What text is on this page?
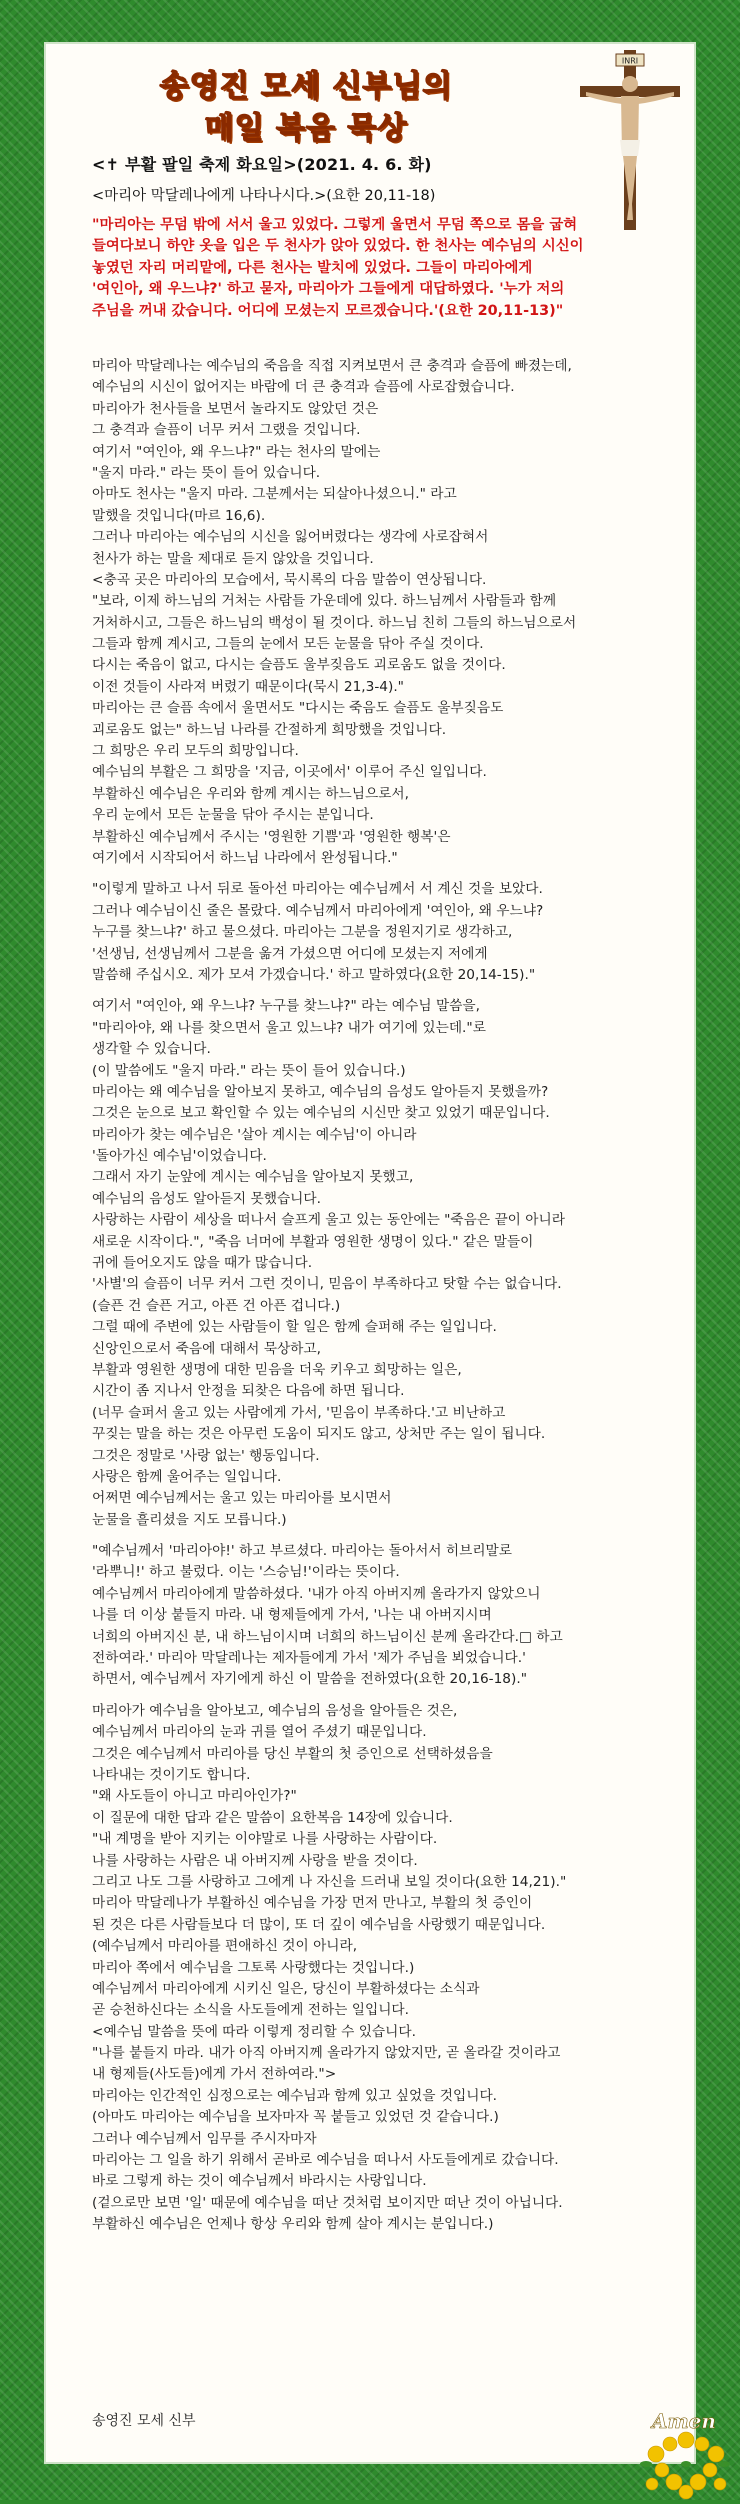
송영진 모세 신부님의
매일 복음 묵상
INRI
<✝ 부활 팔일 축제 화요일>(2021. 4. 6. 화)
<마리아 막달레나에게 나타나시다.>(요한 20,11-18)
"마리아는 무덤 밖에 서서 울고 있었다. 그렇게 울면서 무덤 쪽으로 몸을 굽혀
들여다보니 하얀 옷을 입은 두 천사가 앉아 있었다. 한 천사는 예수님의 시신이
놓였던 자리 머리맡에, 다른 천사는 발치에 있었다. 그들이 마리아에게
'여인아, 왜 우느냐?' 하고 묻자, 마리아가 그들에게 대답하였다. '누가 저의
주님을 꺼내 갔습니다. 어디에 모셨는지 모르겠습니다.'(요한 20,11-13)"
마리아 막달레나는 예수님의 죽음을 직접 지켜보면서 큰 충격과 슬픔에 빠졌는데,
예수님의 시신이 없어지는 바람에 더 큰 충격과 슬픔에 사로잡혔습니다.
마리아가 천사들을 보면서 놀라지도 않았던 것은
그 충격과 슬픔이 너무 커서 그랬을 것입니다.
여기서 "여인아, 왜 우느냐?" 라는 천사의 말에는
"울지 마라." 라는 뜻이 들어 있습니다.
아마도 천사는 "울지 마라. 그분께서는 되살아나셨으니." 라고
말했을 것입니다(마르 16,6).
그러나 마리아는 예수님의 시신을 잃어버렸다는 생각에 사로잡혀서
천사가 하는 말을 제대로 듣지 않았을 것입니다.
<충곡 곳은 마리아의 모습에서, 묵시록의 다음 말씀이 연상됩니다.
"보라, 이제 하느님의 거처는 사람들 가운데에 있다. 하느님께서 사람들과 함께
거처하시고, 그들은 하느님의 백성이 될 것이다. 하느님 친히 그들의 하느님으로서
그들과 함께 계시고, 그들의 눈에서 모든 눈물을 닦아 주실 것이다.
다시는 죽음이 없고, 다시는 슬픔도 울부짖음도 괴로움도 없을 것이다.
이전 것들이 사라져 버렸기 때문이다(묵시 21,3-4)."
마리아는 큰 슬픔 속에서 울면서도 "다시는 죽음도 슬픔도 울부짖음도
괴로움도 없는" 하느님 나라를 간절하게 희망했을 것입니다.
그 희망은 우리 모두의 희망입니다.
예수님의 부활은 그 희망을 '지금, 이곳에서' 이루어 주신 일입니다.
부활하신 예수님은 우리와 함께 계시는 하느님으로서,
우리 눈에서 모든 눈물을 닦아 주시는 분입니다.
부활하신 예수님께서 주시는 '영원한 기쁨'과 '영원한 행복'은
여기에서 시작되어서 하느님 나라에서 완성됩니다."
"이렇게 말하고 나서 뒤로 돌아선 마리아는 예수님께서 서 계신 것을 보았다.
그러나 예수님이신 줄은 몰랐다. 예수님께서 마리아에게 '여인아, 왜 우느냐?
누구를 찾느냐?' 하고 물으셨다. 마리아는 그분을 정원지기로 생각하고,
'선생님, 선생님께서 그분을 옮겨 가셨으면 어디에 모셨는지 저에게
말씀해 주십시오. 제가 모셔 가겠습니다.' 하고 말하였다(요한 20,14-15)."
여기서 "여인아, 왜 우느냐? 누구를 찾느냐?" 라는 예수님 말씀을,
"마리아야, 왜 나를 찾으면서 울고 있느냐? 내가 여기에 있는데."로
생각할 수 있습니다.
(이 말씀에도 "울지 마라." 라는 뜻이 들어 있습니다.)
마리아는 왜 예수님을 알아보지 못하고, 예수님의 음성도 알아듣지 못했을까?
그것은 눈으로 보고 확인할 수 있는 예수님의 시신만 찾고 있었기 때문입니다.
마리아가 찾는 예수님은 '살아 계시는 예수님'이 아니라
'돌아가신 예수님'이었습니다.
그래서 자기 눈앞에 계시는 예수님을 알아보지 못했고,
예수님의 음성도 알아듣지 못했습니다.
사랑하는 사람이 세상을 떠나서 슬프게 울고 있는 동안에는 "죽음은 끝이 아니라
새로운 시작이다.", "죽음 너머에 부활과 영원한 생명이 있다." 같은 말들이
귀에 들어오지도 않을 때가 많습니다.
'사별'의 슬픔이 너무 커서 그런 것이니, 믿음이 부족하다고 탓할 수는 없습니다.
(슬픈 건 슬픈 거고, 아픈 건 아픈 겁니다.)
그럴 때에 주변에 있는 사람들이 할 일은 함께 슬퍼해 주는 일입니다.
신앙인으로서 죽음에 대해서 묵상하고,
부활과 영원한 생명에 대한 믿음을 더욱 키우고 희망하는 일은,
시간이 좀 지나서 안정을 되찾은 다음에 하면 됩니다.
(너무 슬퍼서 울고 있는 사람에게 가서, '믿음이 부족하다.'고 비난하고
꾸짖는 말을 하는 것은 아무런 도움이 되지도 않고, 상처만 주는 일이 됩니다.
그것은 정말로 '사랑 없는' 행동입니다.
사랑은 함께 울어주는 일입니다.
어쩌면 예수님께서는 울고 있는 마리아를 보시면서
눈물을 흘리셨을 지도 모릅니다.)
"예수님께서 '마리아야!' 하고 부르셨다. 마리아는 돌아서서 히브리말로
'라뿌니!' 하고 불렀다. 이는 '스승님!'이라는 뜻이다.
예수님께서 마리아에게 말씀하셨다. '내가 아직 아버지께 올라가지 않았으니
나를 더 이상 붙들지 마라. 내 형제들에게 가서, '나는 내 아버지시며
너희의 아버지신 분, 내 하느님이시며 너희의 하느님이신 분께 올라간다.□ 하고
전하여라.' 마리아 막달레나는 제자들에게 가서 '제가 주님을 뵈었습니다.'
하면서, 예수님께서 자기에게 하신 이 말씀을 전하였다(요한 20,16-18)."
마리아가 예수님을 알아보고, 예수님의 음성을 알아들은 것은,
예수님께서 마리아의 눈과 귀를 열어 주셨기 때문입니다.
그것은 예수님께서 마리아를 당신 부활의 첫 증인으로 선택하셨음을
나타내는 것이기도 합니다.
"왜 사도들이 아니고 마리아인가?"
이 질문에 대한 답과 같은 말씀이 요한복음 14장에 있습니다.
"내 계명을 받아 지키는 이야말로 나를 사랑하는 사람이다.
나를 사랑하는 사람은 내 아버지께 사랑을 받을 것이다.
그리고 나도 그를 사랑하고 그에게 나 자신을 드러내 보일 것이다(요한 14,21)."
마리아 막달레나가 부활하신 예수님을 가장 먼저 만나고, 부활의 첫 증인이
된 것은 다른 사람들보다 더 많이, 또 더 깊이 예수님을 사랑했기 때문입니다.
(예수님께서 마리아를 편애하신 것이 아니라,
마리아 쪽에서 예수님을 그토록 사랑했다는 것입니다.)
예수님께서 마리아에게 시키신 일은, 당신이 부활하셨다는 소식과
곧 승천하신다는 소식을 사도들에게 전하는 일입니다.
<예수님 말씀을 뜻에 따라 이렇게 정리할 수 있습니다.
"나를 붙들지 마라. 내가 아직 아버지께 올라가지 않았지만, 곧 올라갈 것이라고
내 형제들(사도들)에게 가서 전하여라.">
마리아는 인간적인 심정으로는 예수님과 함께 있고 싶었을 것입니다.
(아마도 마리아는 예수님을 보자마자 꼭 붙들고 있었던 것 같습니다.)
그러나 예수님께서 임무를 주시자마자
마리아는 그 일을 하기 위해서 곧바로 예수님을 떠나서 사도들에게로 갔습니다.
바로 그렇게 하는 것이 예수님께서 바라시는 사랑입니다.
(겉으로만 보면 '일' 때문에 예수님을 떠난 것처럼 보이지만 떠난 것이 아닙니다.
부활하신 예수님은 언제나 항상 우리와 함께 살아 계시는 분입니다.)
송영진 모세 신부	Amen
